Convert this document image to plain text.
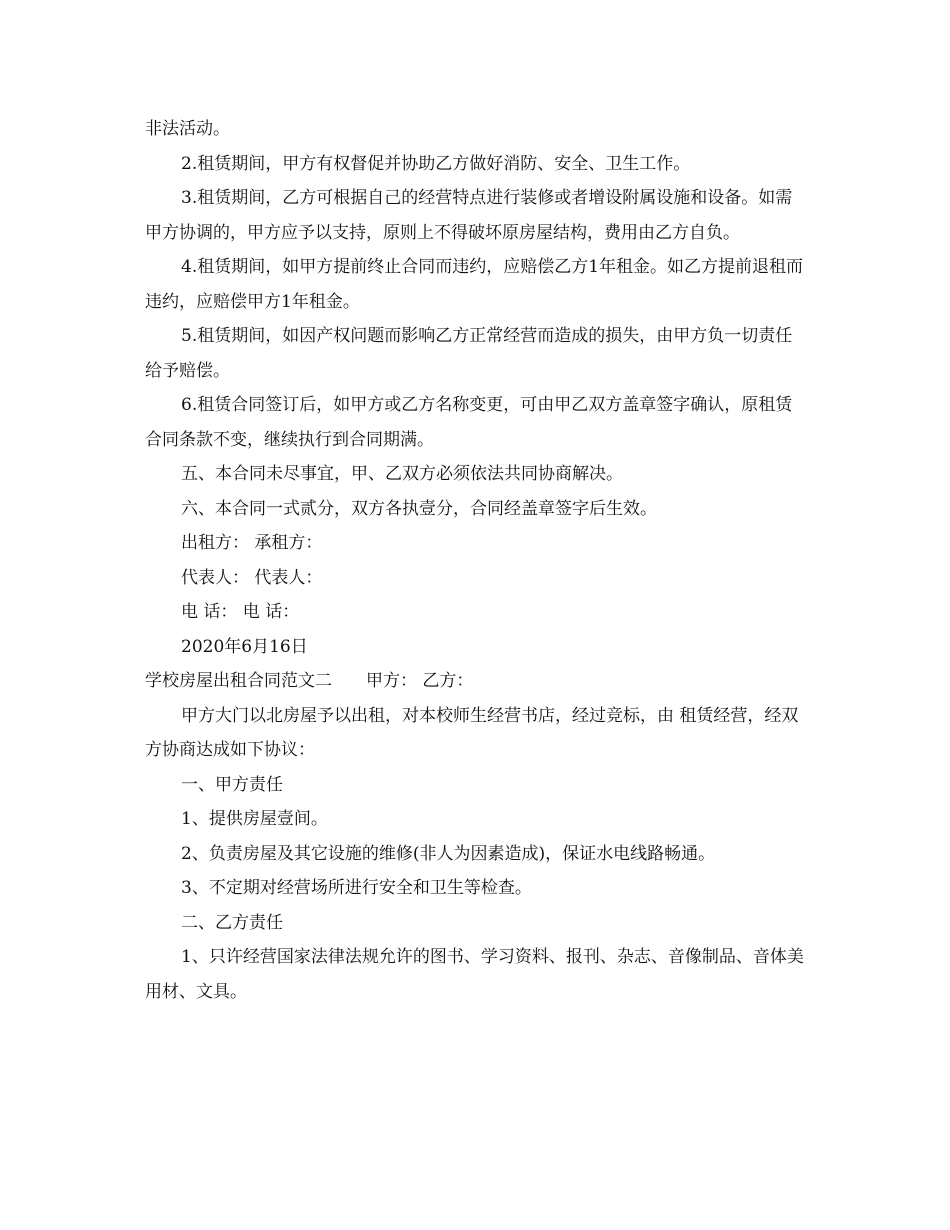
非法活动。

2.租赁期间，甲方有权督促并协助乙方做好消防、安全、卫生工作。

3.租赁期间，乙方可根据自己的经营特点进行装修或者增设附属设施和设备。如需甲方协调的，甲方应予以支持，原则上不得破坏原房屋结构，费用由乙方自负。

4.租赁期间，如甲方提前终止合同而违约，应赔偿乙方1年租金。如乙方提前退租而违约，应赔偿甲方1年租金。

5.租赁期间，如因产权问题而影响乙方正常经营而造成的损失，由甲方负一切责任给予赔偿。

6.租赁合同签订后，如甲方或乙方名称变更，可由甲乙双方盖章签字确认，原租赁合同条款不变，继续执行到合同期满。

五、本合同未尽事宜，甲、乙双方必须依法共同协商解决。

六、本合同一式贰分，双方各执壹分，合同经盖章签字后生效。

出租方： 承租方：

代表人： 代表人：

电 话： 电 话：

2020年6月16日

学校房屋出租合同范文二　　甲方： 乙方：

甲方大门以北房屋予以出租，对本校师生经营书店，经过竞标，由 租赁经营，经双方协商达成如下协议：

一、甲方责任

1、提供房屋壹间。

2、负责房屋及其它设施的维修(非人为因素造成)，保证水电线路畅通。

3、不定期对经营场所进行安全和卫生等检查。

二、乙方责任

1、只许经营国家法律法规允许的图书、学习资料、报刊、杂志、音像制品、音体美用材、文具。
